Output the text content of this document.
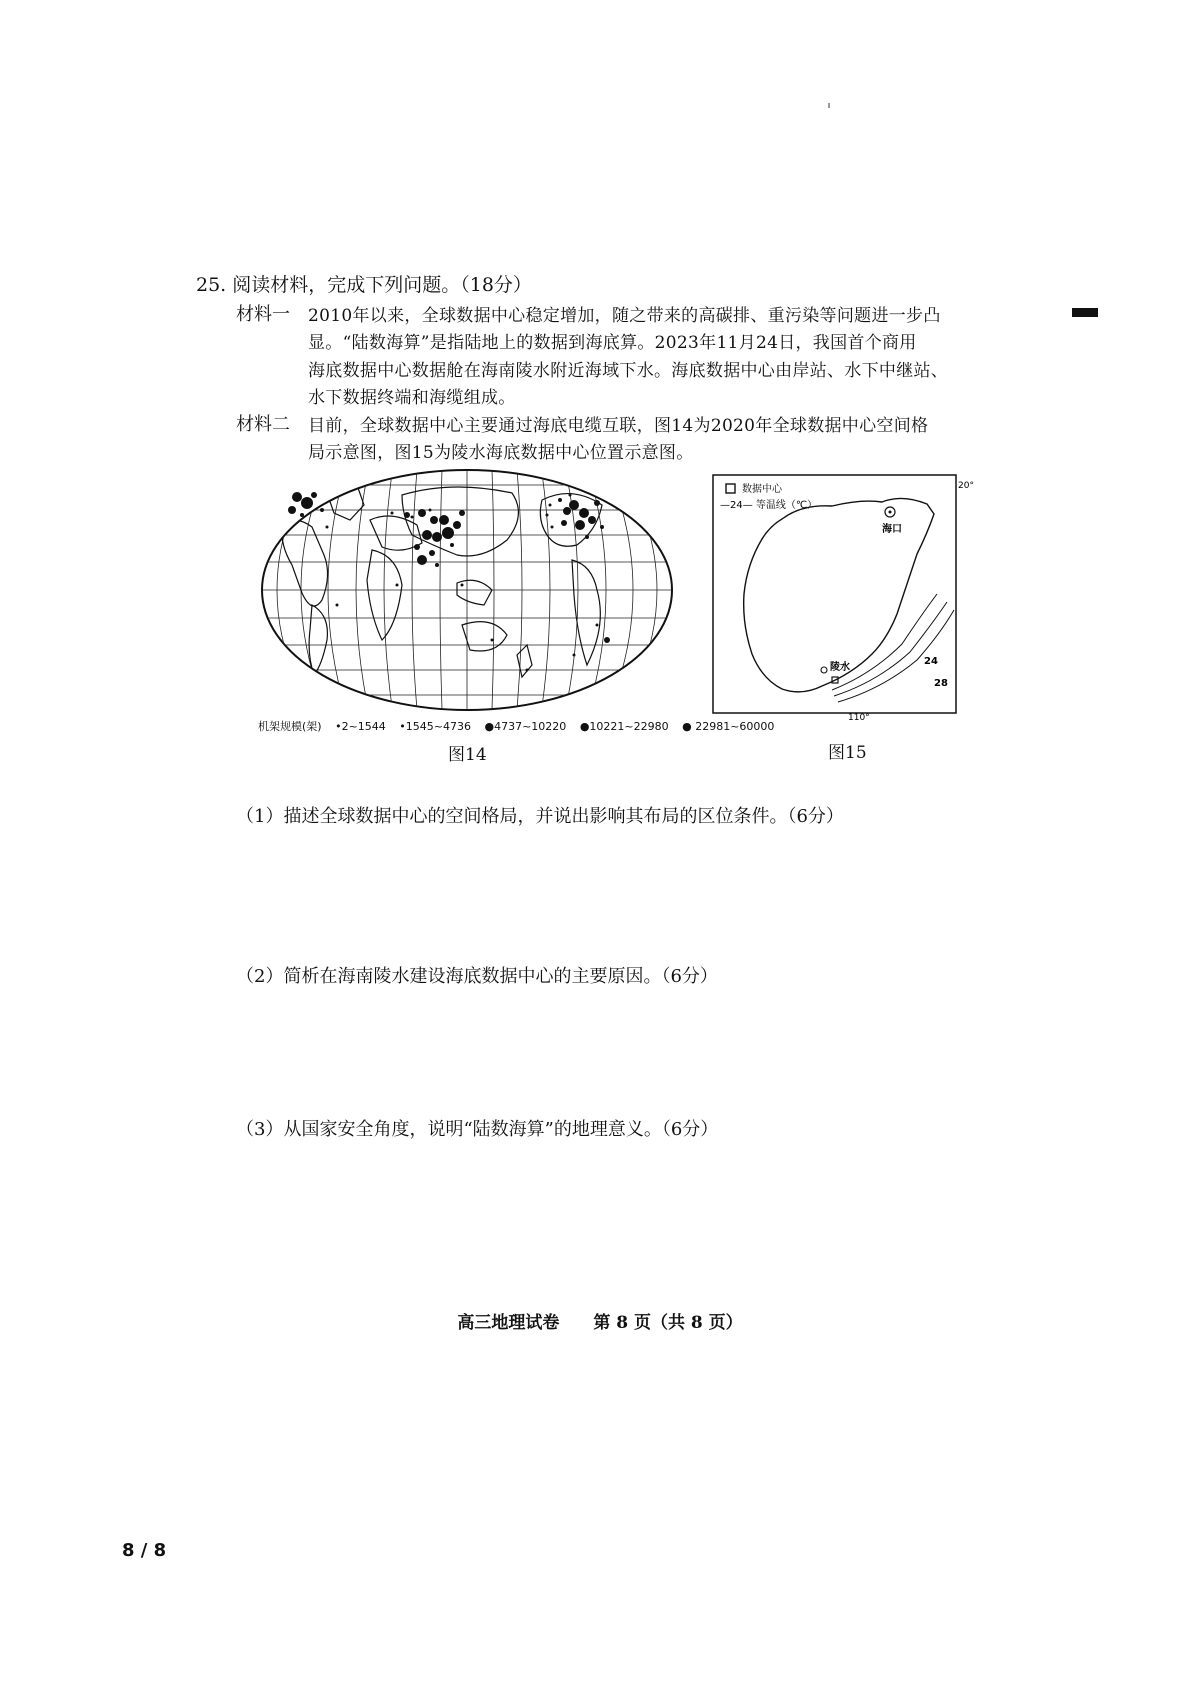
25. 阅读材料，完成下列问题。（18分）
材料一 2010年以来，全球数据中心稳定增加，随之带来的高碳排、重污染等问题进一步凸
显。“陆数海算”是指陆地上的数据到海底算。2023年11月24日，我国首个商用
海底数据中心数据舱在海南陵水附近海域下水。海底数据中心由岸站、水下中继站、
水下数据终端和海缆组成。
材料二 目前，全球数据中心主要通过海底电缆互联，图14为2020年全球数据中心空间格
局示意图，图15为陵水海底数据中心位置示意图。
机架规模(架) •2~1544 •1545~4736 ●4737~10220 ●10221~22980 ● 22981~60000
图14
数据中心
—24— 等温线（℃）
海口
陵水
24
28
20°
110°
图15
（1）描述全球数据中心的空间格局，并说出影响其布局的区位条件。（6分）
（2）简析在海南陵水建设海底数据中心的主要原因。（6分）
（3）从国家安全角度，说明“陆数海算”的地理意义。（6分）
高三地理试卷　　第 8 页（共 8 页）
8 / 8
